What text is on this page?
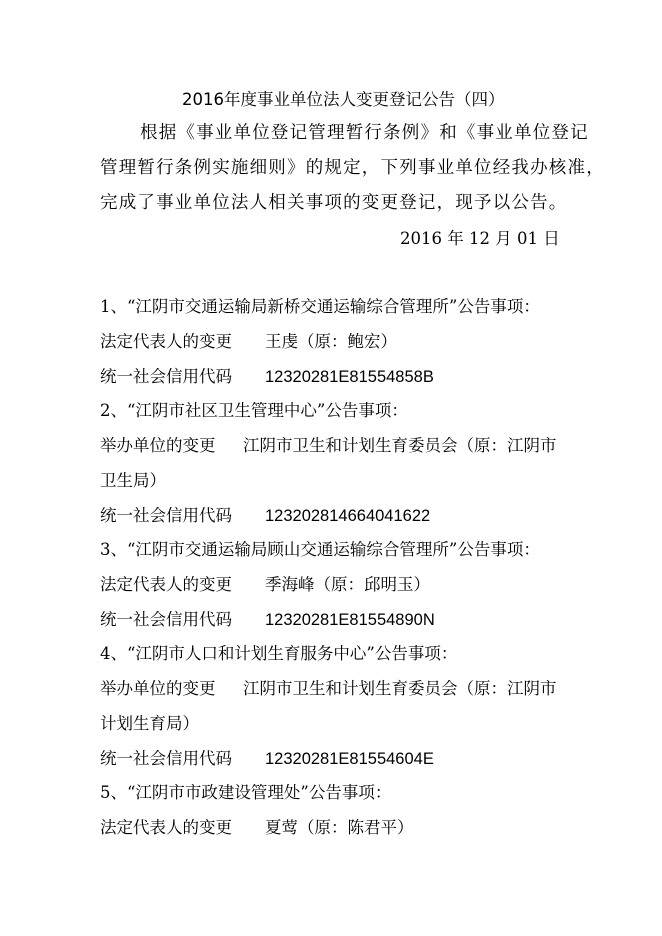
2016年度事业单位法人变更登记公告（四）
根据《事业单位登记管理暂行条例》和《事业单位登记
管理暂行条例实施细则》的规定，下列事业单位经我办核准，
完成了事业单位法人相关事项的变更登记，现予以公告。
2016 年 12 月 01 日
1、“江阴市交通运输局新桥交通运输综合管理所”公告事项：
法定代表人的变更 王虔（原：鲍宏）
统一社会信用代码 12320281E81554858B
2、“江阴市社区卫生管理中心”公告事项：
举办单位的变更 江阴市卫生和计划生育委员会（原：江阴市
卫生局）
统一社会信用代码 123202814664041622
3、“江阴市交通运输局顾山交通运输综合管理所”公告事项：
法定代表人的变更 季海峰（原：邱明玉）
统一社会信用代码 12320281E81554890N
4、“江阴市人口和计划生育服务中心”公告事项：
举办单位的变更 江阴市卫生和计划生育委员会（原：江阴市
计划生育局）
统一社会信用代码 12320281E81554604E
5、“江阴市市政建设管理处”公告事项：
法定代表人的变更 夏莺（原：陈君平）
